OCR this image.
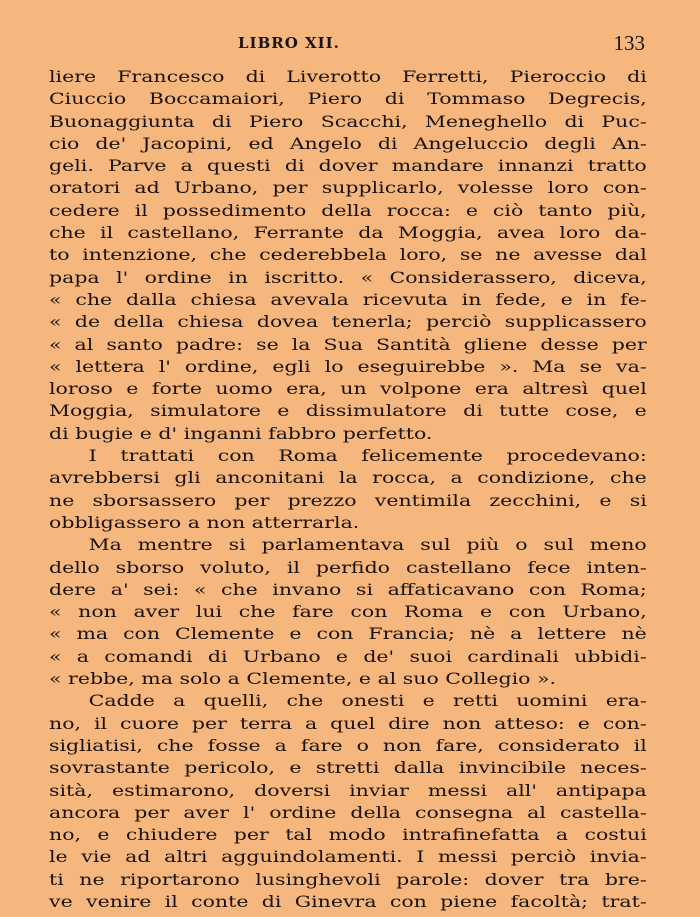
LIBRO XII.	133
liere Francesco di Liverotto Ferretti, Pieroccio di
Ciuccio Boccamaiori, Piero di Tommaso Degrecis,
Buonaggiunta di Piero Scacchi, Meneghello di Puc-
cio de' Jacopini, ed Angelo di Angeluccio degli An-
geli. Parve a questi di dover mandare innanzi tratto
oratori ad Urbano, per supplicarlo, volesse loro con-
cedere il possedimento della rocca: e ciò tanto più,
che il castellano, Ferrante da Moggia, avea loro da-
to intenzione, che cederebbela loro, se ne avesse dal
papa l' ordine in iscritto. « Considerassero, diceva,
« che dalla chiesa avevala ricevuta in fede, e in fe-
« de della chiesa dovea tenerla; perciò supplicassero
« al santo padre: se la Sua Santità gliene desse per
« lettera l' ordine, egli lo eseguirebbe ». Ma se va-
loroso e forte uomo era, un volpone era altresì quel
Moggia, simulatore e dissimulatore di tutte cose, e
di bugie e d' inganni fabbro perfetto.
I trattati con Roma felicemente procedevano:
avrebbersi gli anconitani la rocca, a condizione, che
ne sborsassero per prezzo ventimila zecchini, e si
obbligassero a non atterrarla.
Ma mentre si parlamentava sul più o sul meno
dello sborso voluto, il perfido castellano fece inten-
dere a' sei: « che invano si affaticavano con Roma;
« non aver lui che fare con Roma e con Urbano,
« ma con Clemente e con Francia; nè a lettere nè
« a comandi di Urbano e de' suoi cardinali ubbidi-
« rebbe, ma solo a Clemente, e al suo Collegio ».
Cadde a quelli, che onesti e retti uomini era-
no, il cuore per terra a quel dire non atteso: e con-
sigliatisi, che fosse a fare o non fare, considerato il
sovrastante pericolo, e stretti dalla invincibile neces-
sità, estimarono, doversi inviar messi all' antipapa
ancora per aver l' ordine della consegna al castella-
no, e chiudere per tal modo intrafinefatta a costui
le vie ad altri agguindolamenti. I messi perciò invia-
ti ne riportarono lusinghevoli parole: dover tra bre-
ve venire il conte di Ginevra con piene facoltà; trat-
